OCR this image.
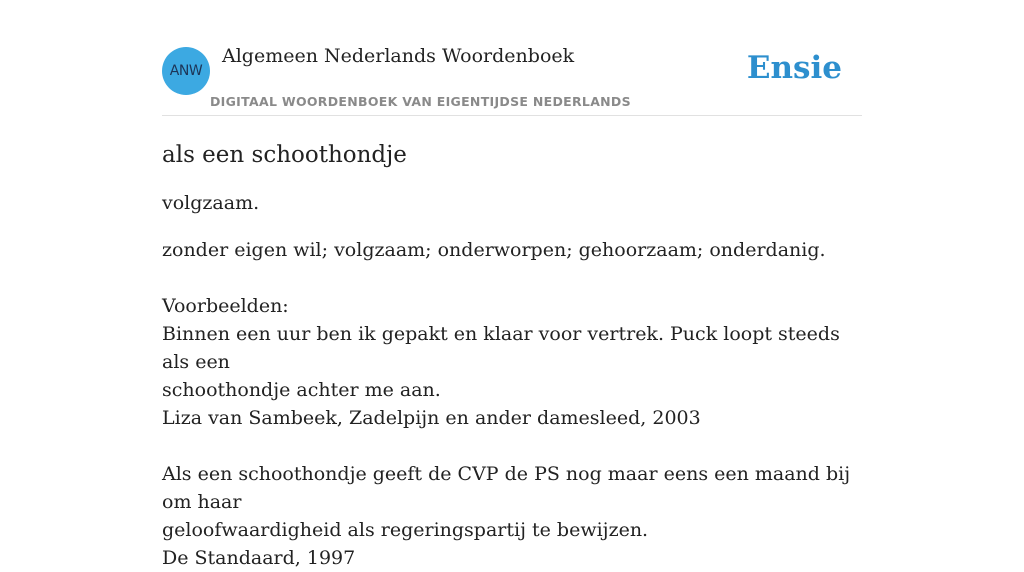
ANW
Algemeen Nederlands Woordenboek
DIGITAAL WOORDENBOEK VAN EIGENTIJDSE NEDERLANDS
Ensie
als een schoothondje

volgzaam.

zonder eigen wil; volgzaam; onderworpen; gehoorzaam; onderdanig.
Voorbeelden:
Binnen een uur ben ik gepakt en klaar voor vertrek. Puck loopt steeds als een
schoothondje achter me aan.
Liza van Sambeek, Zadelpijn en ander damesleed, 2003
Als een schoothondje geeft de CVP de PS nog maar eens een maand bij om haar
geloofwaardigheid als regeringspartij te bewijzen.
De Standaard, 1997
